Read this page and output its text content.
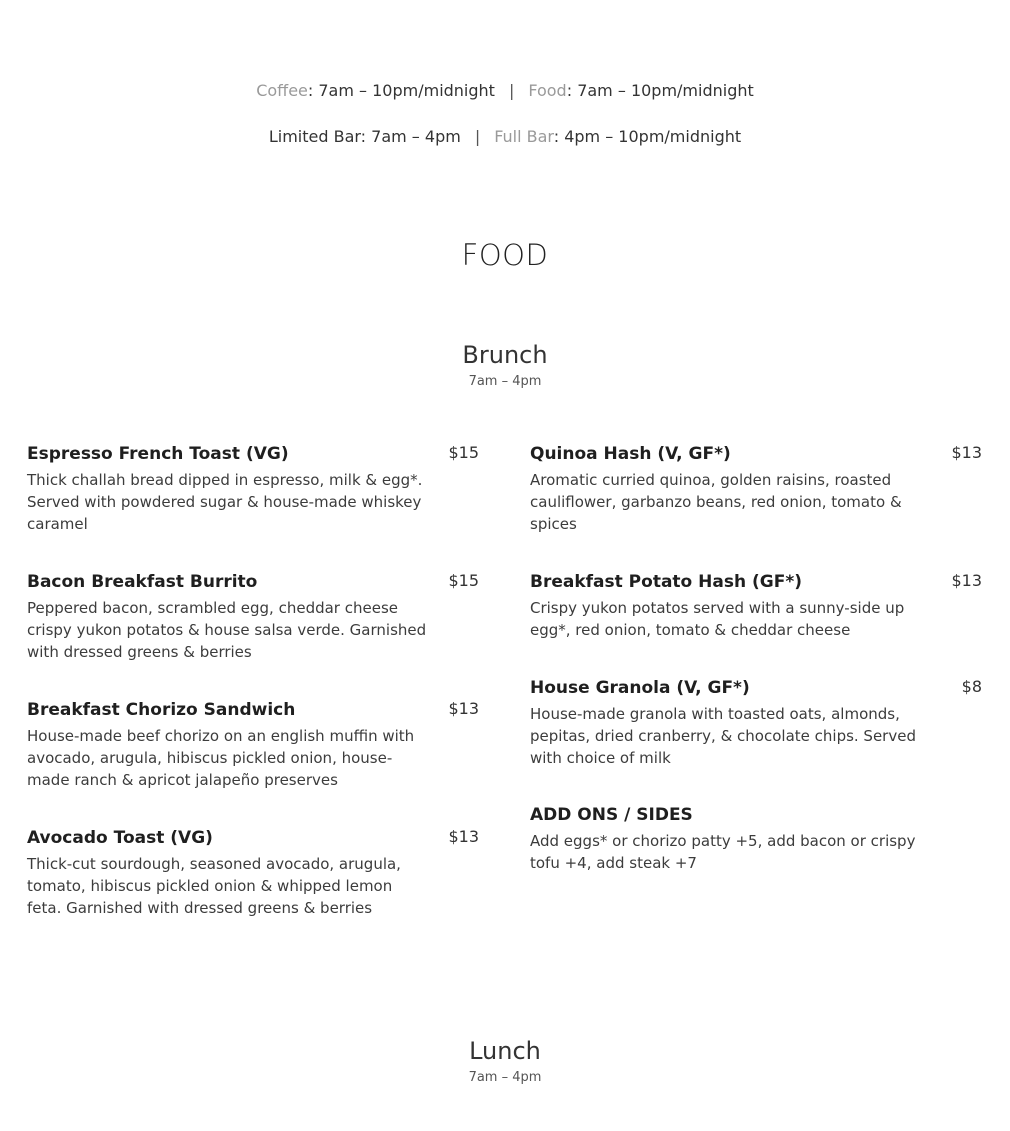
Coffee: 7am – 10pm/midnight | Food: 7am – 10pm/midnight
Limited Bar: 7am – 4pm | Full Bar: 4pm – 10pm/midnight
FOOD
Brunch
7am – 4pm
Espresso French Toast (VG)	$15
Thick challah bread dipped in espresso, milk & egg*. Served with powdered sugar & house-made whiskey caramel
Bacon Breakfast Burrito	$15
Peppered bacon, scrambled egg, cheddar cheese crispy yukon potatos & house salsa verde. Garnished with dressed greens & berries
Breakfast Chorizo Sandwich	$13
House-made beef chorizo on an english muffin with avocado, arugula, hibiscus pickled onion, house-made ranch & apricot jalapeño preserves
Avocado Toast (VG)	$13
Thick-cut sourdough, seasoned avocado, arugula, tomato, hibiscus pickled onion & whipped lemon feta. Garnished with dressed greens & berries
Quinoa Hash (V, GF*)	$13
Aromatic curried quinoa, golden raisins, roasted cauliflower, garbanzo beans, red onion, tomato & spices
Breakfast Potato Hash (GF*)	$13
Crispy yukon potatos served with a sunny-side up egg*, red onion, tomato & cheddar cheese
House Granola (V, GF*)	$8
House-made granola with toasted oats, almonds, pepitas, dried cranberry, & chocolate chips. Served with choice of milk
ADD ONS / SIDES
Add eggs* or chorizo patty +5, add bacon or crispy tofu +4, add steak +7
Lunch
7am – 4pm
